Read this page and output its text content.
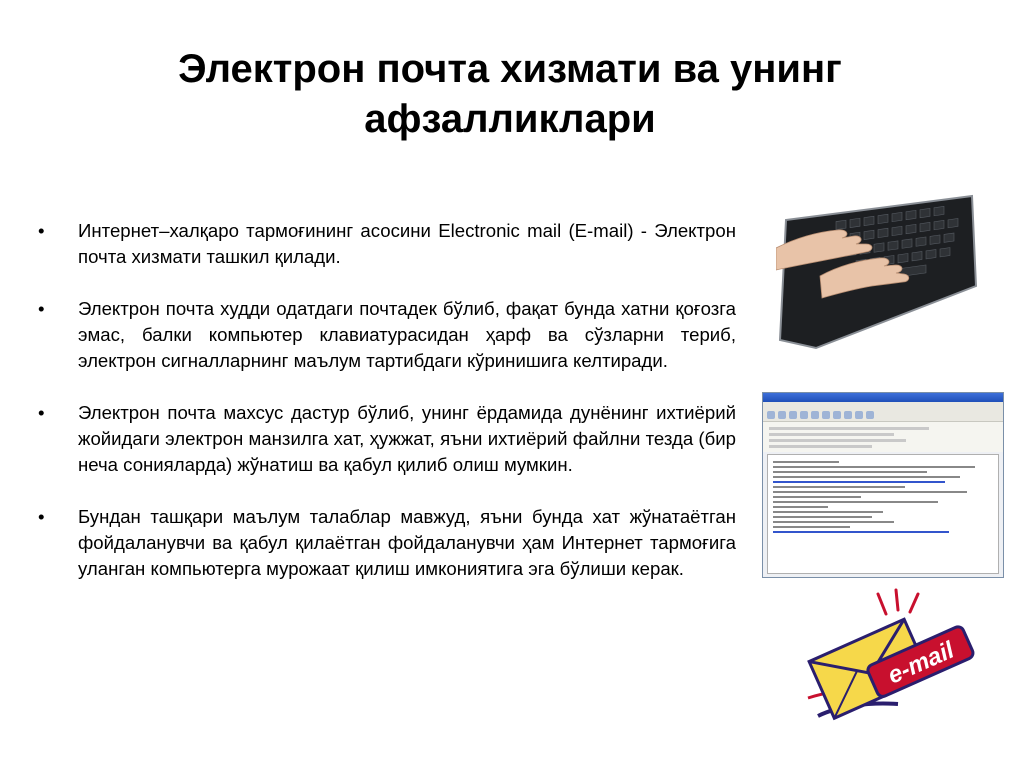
Электрон почта хизмати ва унинг
афзалликлари
• Интернет–халқаро тармоғининг асосини Electronic mail (E-mail) - Электрон почта хизмати ташкил қилади.
• Электрон почта худди одатдаги почтадек бўлиб, фақат бунда хатни қоғозга эмас, балки компьютер клавиатурасидан ҳарф ва сўзларни териб, электрон сигналларнинг маълум тартибдаги кўринишига келтиради.
• Электрон почта махсус дастур бўлиб, унинг ёрдамида дунёнинг ихтиёрий жойидаги электрон манзилга хат, ҳужжат, яъни ихтиёрий файлни тезда (бир неча сонияларда) жўнатиш ва қабул қилиб олиш мумкин.
• Бундан ташқари маълум талаблар мавжуд, яъни бунда хат жўнатаётган фойдаланувчи ва қабул қилаётган фойдаланувчи ҳам Интернет тармоғига уланган компьютерга мурожаат қилиш имкониятига эга бўлиши керак.
e-mail
